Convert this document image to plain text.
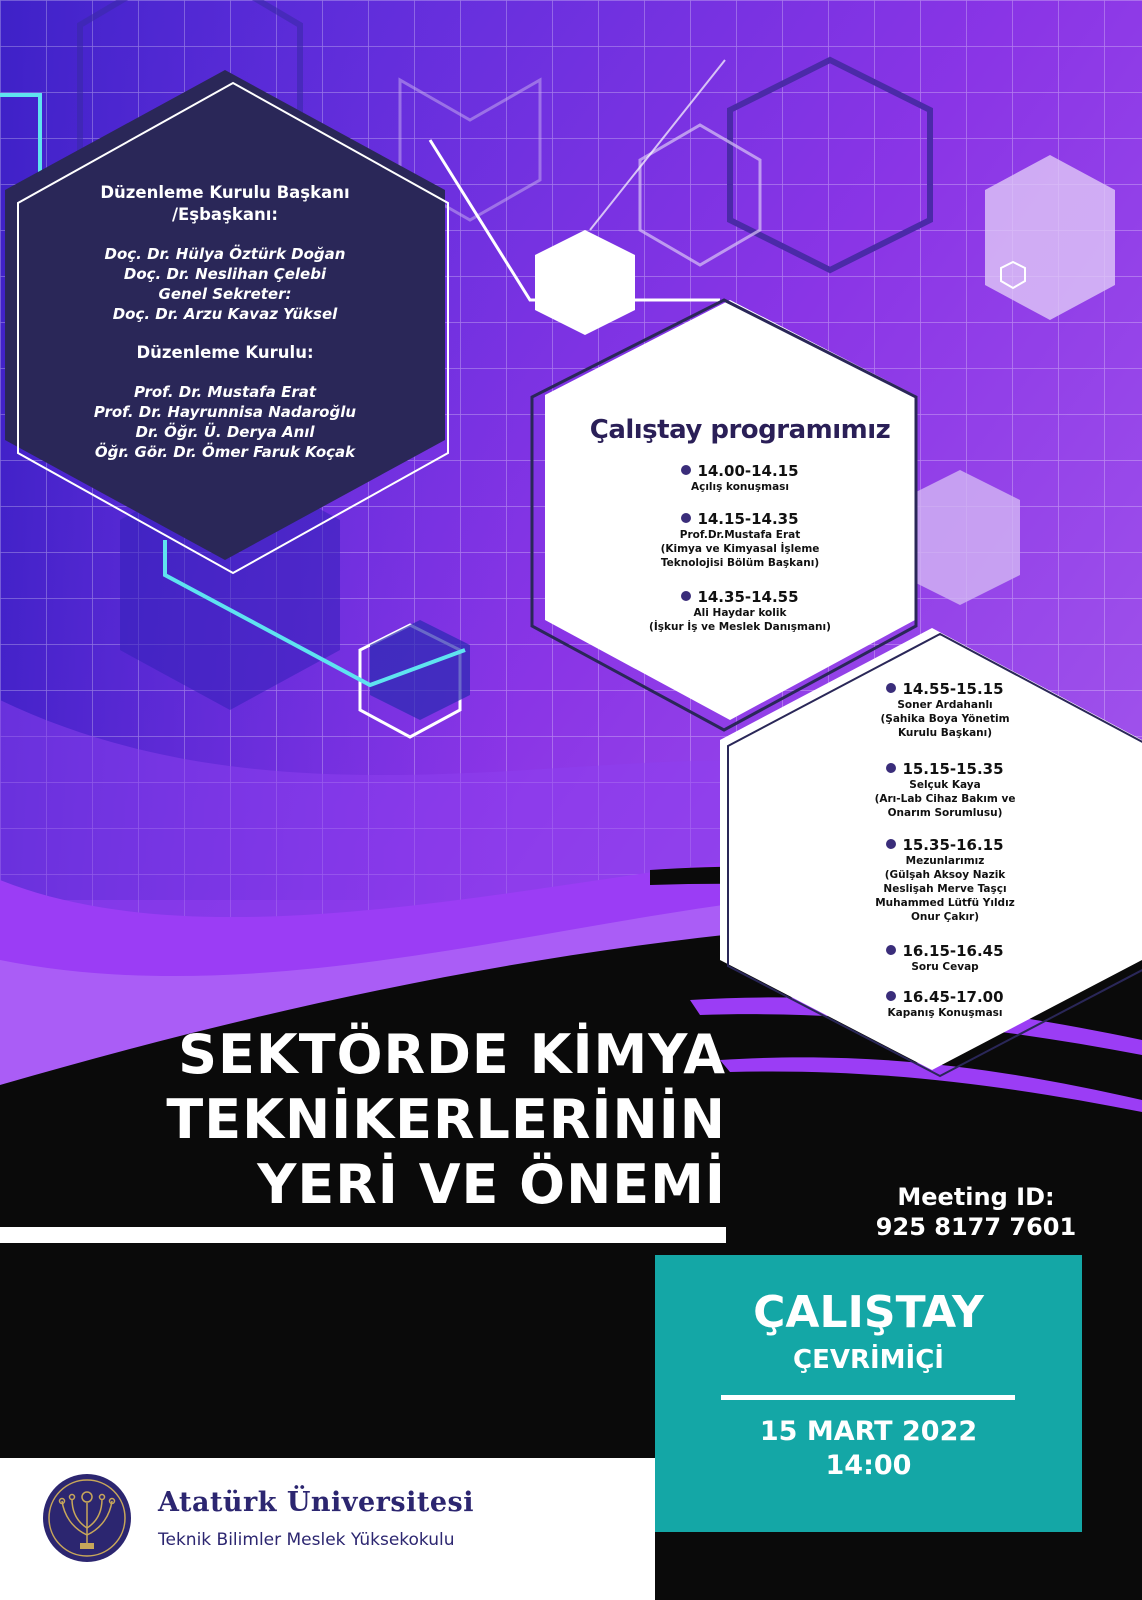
Düzenleme Kurulu Başkanı
/Eşbaşkanı:
Doç. Dr. Hülya Öztürk Doğan
Doç. Dr. Neslihan Çelebi
Genel Sekreter:
Doç. Dr. Arzu Kavaz Yüksel
Düzenleme Kurulu:
Prof. Dr. Mustafa Erat
Prof. Dr. Hayrunnisa Nadaroğlu
Dr. Öğr. Ü. Derya Anıl
Öğr. Gör. Dr. Ömer Faruk Koçak
Çalıştay programımız
14.00-14.15
Açılış konuşması
14.15-14.35
Prof.Dr.Mustafa Erat
(Kimya ve Kimyasal İşleme
Teknolojisi Bölüm Başkanı)
14.35-14.55
Ali Haydar kolik
(İşkur İş ve Meslek Danışmanı)
14.55-15.15
Soner Ardahanlı
(Şahika Boya Yönetim
Kurulu Başkanı)
15.15-15.35
Selçuk Kaya
(Arı-Lab Cihaz Bakım ve
Onarım Sorumlusu)
15.35-16.15
Mezunlarımız
(Gülşah Aksoy Nazik
Neslişah Merve Taşçı
Muhammed Lütfü Yıldız
Onur Çakır)
16.15-16.45
Soru Cevap
16.45-17.00
Kapanış Konuşması
SEKTÖRDE KİMYA
TEKNİKERLERİNİN
YERİ VE ÖNEMİ	Meeting ID:
925 8177 7601
ÇALIŞTAY
ÇEVRİMİÇİ
15 MART 2022
14:00
Atatürk Üniversitesi
Teknik Bilimler Meslek Yüksekokulu
